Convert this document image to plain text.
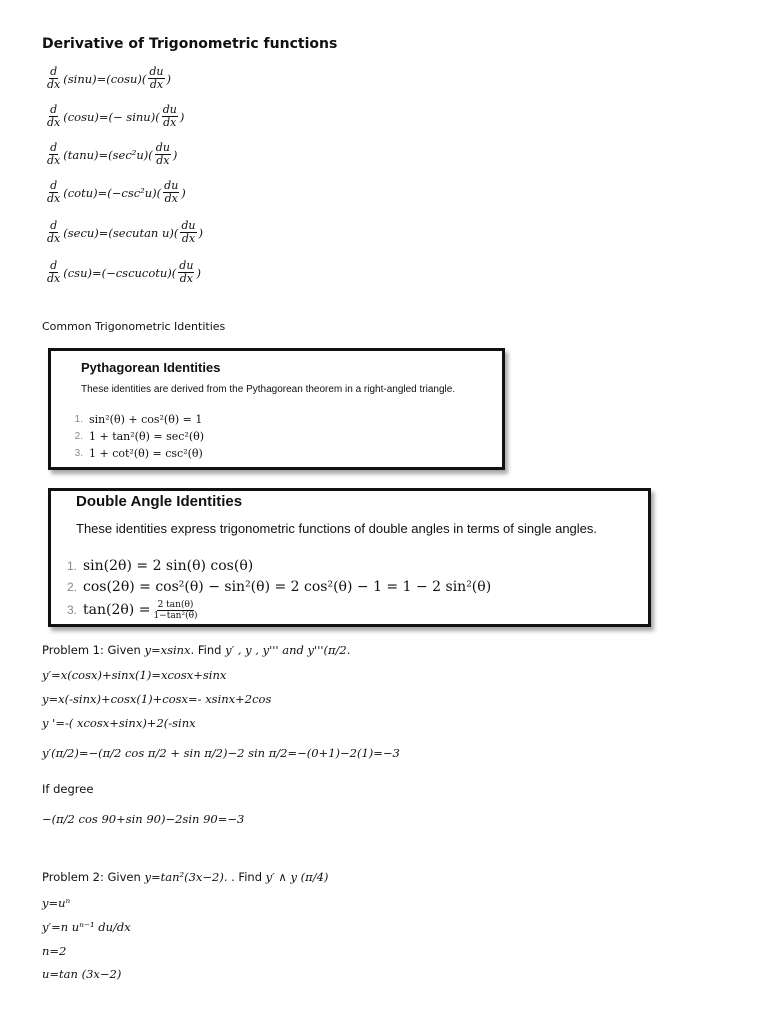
Derivative of Trigonometric functions
$\frac{d}{dx} (\sin u)=(\cos u)( \frac{du}{dx}$ )
$\frac{d}{dx} (\cos u)=(- \sin u)( \frac{du}{dx}$ )
$\frac{d}{dx} (\tan u)=(\sec^2u)( \frac{du}{dx}$ )
$\frac{d}{dx} (\cot u)=(-\csc^2u)( \frac{du}{dx}$ )
$\frac{d}{dx}$ (secu)=(secutan $u)( \frac{du}{dx}$ )
$\frac{d}{dx}$ (csu)=(−cscucotu)( $\frac{du}{dx}$ )
Common Trigonometric Identities
Pythagorean Identities
These identities are derived from the Pythagorean theorem in a right-angled triangle.
1. sin²(θ) + cos²(θ) = 1
2. 1 + tan²(θ) = sec²(θ)
3. 1 + cot²(θ) = csc²(θ)
Double Angle Identities
These identities express trigonometric functions of double angles in terms of single angles.
1. sin(2θ) = 2 sin(θ) cos(θ)
2. cos(2θ) = cos²(θ) − sin²(θ) = 2 cos²(θ) − 1 = 1 − 2 sin²(θ)
3. $\tan(2\theta) = \frac{2 \tan(\theta)}{\text{1−tan²(θ)}}$
Problem 1: Given y=xsinx. Find y′ , y , y''' and y'''(π/2.
y′=x(cosx)+sinx(1)=xcosx+sinx
y=x(-sinx)+cosx(1)+cosx=- xsinx+2cos
y '=-( xcosx+sinx)+2(-sinx
y′(π/2)=−(π/2 cos π/2 + sin π/2)−2 sin π/2=−(0+1)−2(1)=−3
If degree
−(π/2 cos 90+sin 90)−2sin 90=−3
Problem 2: Given y=tan²(3x−2). . Find y′ ∧ y (π/4)
y=uⁿ
y′=n uⁿ⁻¹ du/dx
n=2
u=tan (3x−2)
